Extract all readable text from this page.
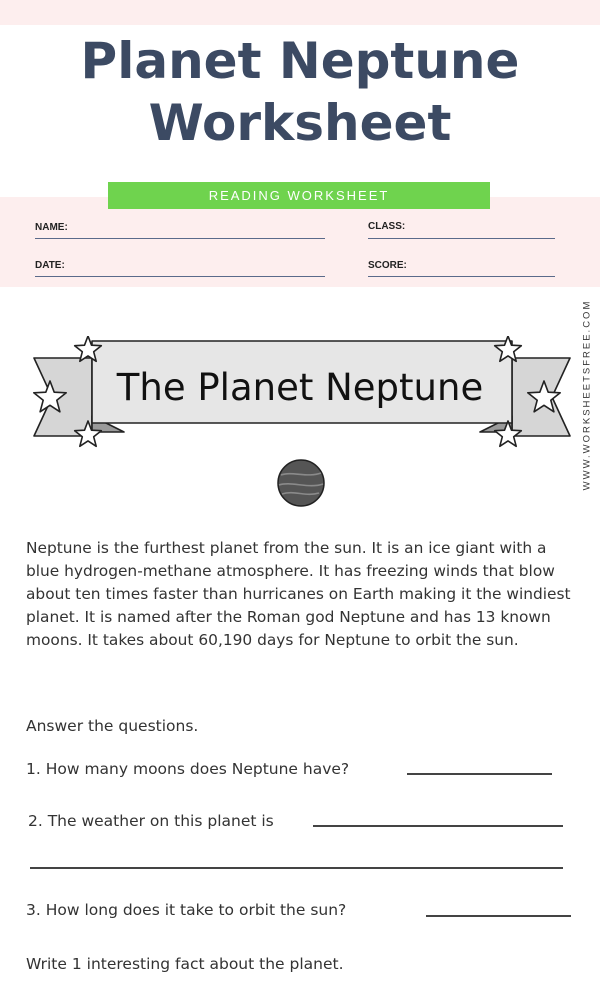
Planet Neptune
Worksheet
READING WORKSHEET
NAME:	CLASS:
DATE:	SCORE:
WWW.WORKSHEETSFREE.COM
The Planet Neptune

Neptune is the furthest planet from the sun. It is an ice giant with a blue hydrogen-methane atmosphere. It has freezing winds that blow about ten times faster than hurricanes on Earth making it the windiest planet. It is named after the Roman god Neptune and has 13 known moons. It takes about 60,190 days for Neptune to orbit the sun.

Answer the questions.
1. How many moons does Neptune have?
2. The weather on this planet is
3. How long does it take to orbit the sun?
Write 1 interesting fact about the planet.
